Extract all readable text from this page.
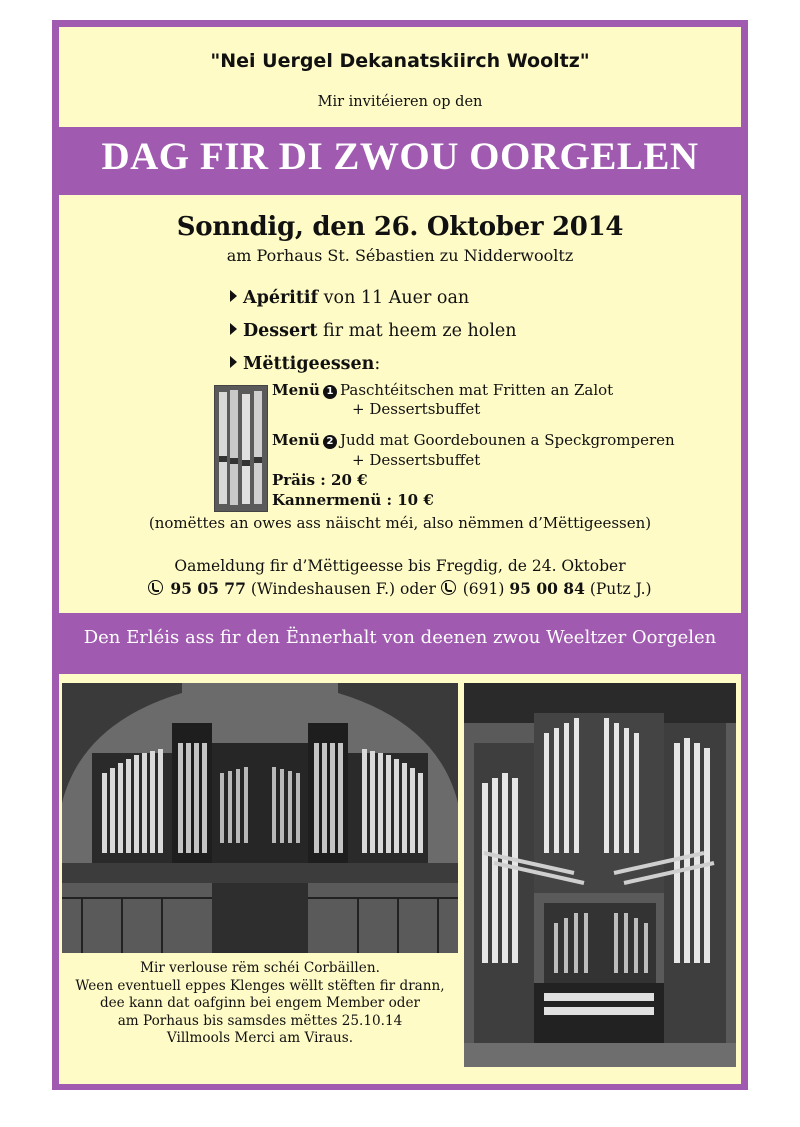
"Nei Uergel Dekanatskiirch Wooltz"
Mir invitéieren op den
DAG FIR DI ZWOU OORGELEN
Sonndig, den 26. Oktober 2014
am Porhaus St. Sébastien zu Nidderwooltz
Apéritif von 11 Auer oan
Dessert fir mat heem ze holen
Mëttigeessen:
Menü 1 Paschtéitschen mat Fritten an Zalot
+ Dessertsbuffet
Menü 2 Judd mat Goordebounen a Speckgromperen
+ Dessertsbuffet
Präis : 20 €
Kannermenü : 10 €
(nomëttes an owes ass näischt méi, also nëmmen d’Mëttigeessen)
Oameldung fir d’Mëttigeesse bis Fregdig, de 24. Oktober
95 05 77 (Windeshausen F.) oder (691) 95 00 84 (Putz J.)
Den Erléis ass fir den Ënnerhalt von deenen zwou Weeltzer Oorgelen
Mir verlouse rëm schéi Corbäillen.
Ween eventuell eppes Klenges wëllt stëften fir drann,
dee kann dat oafginn bei engem Member oder
am Porhaus bis samsdes mëttes 25.10.14
Villmools Merci am Viraus.
